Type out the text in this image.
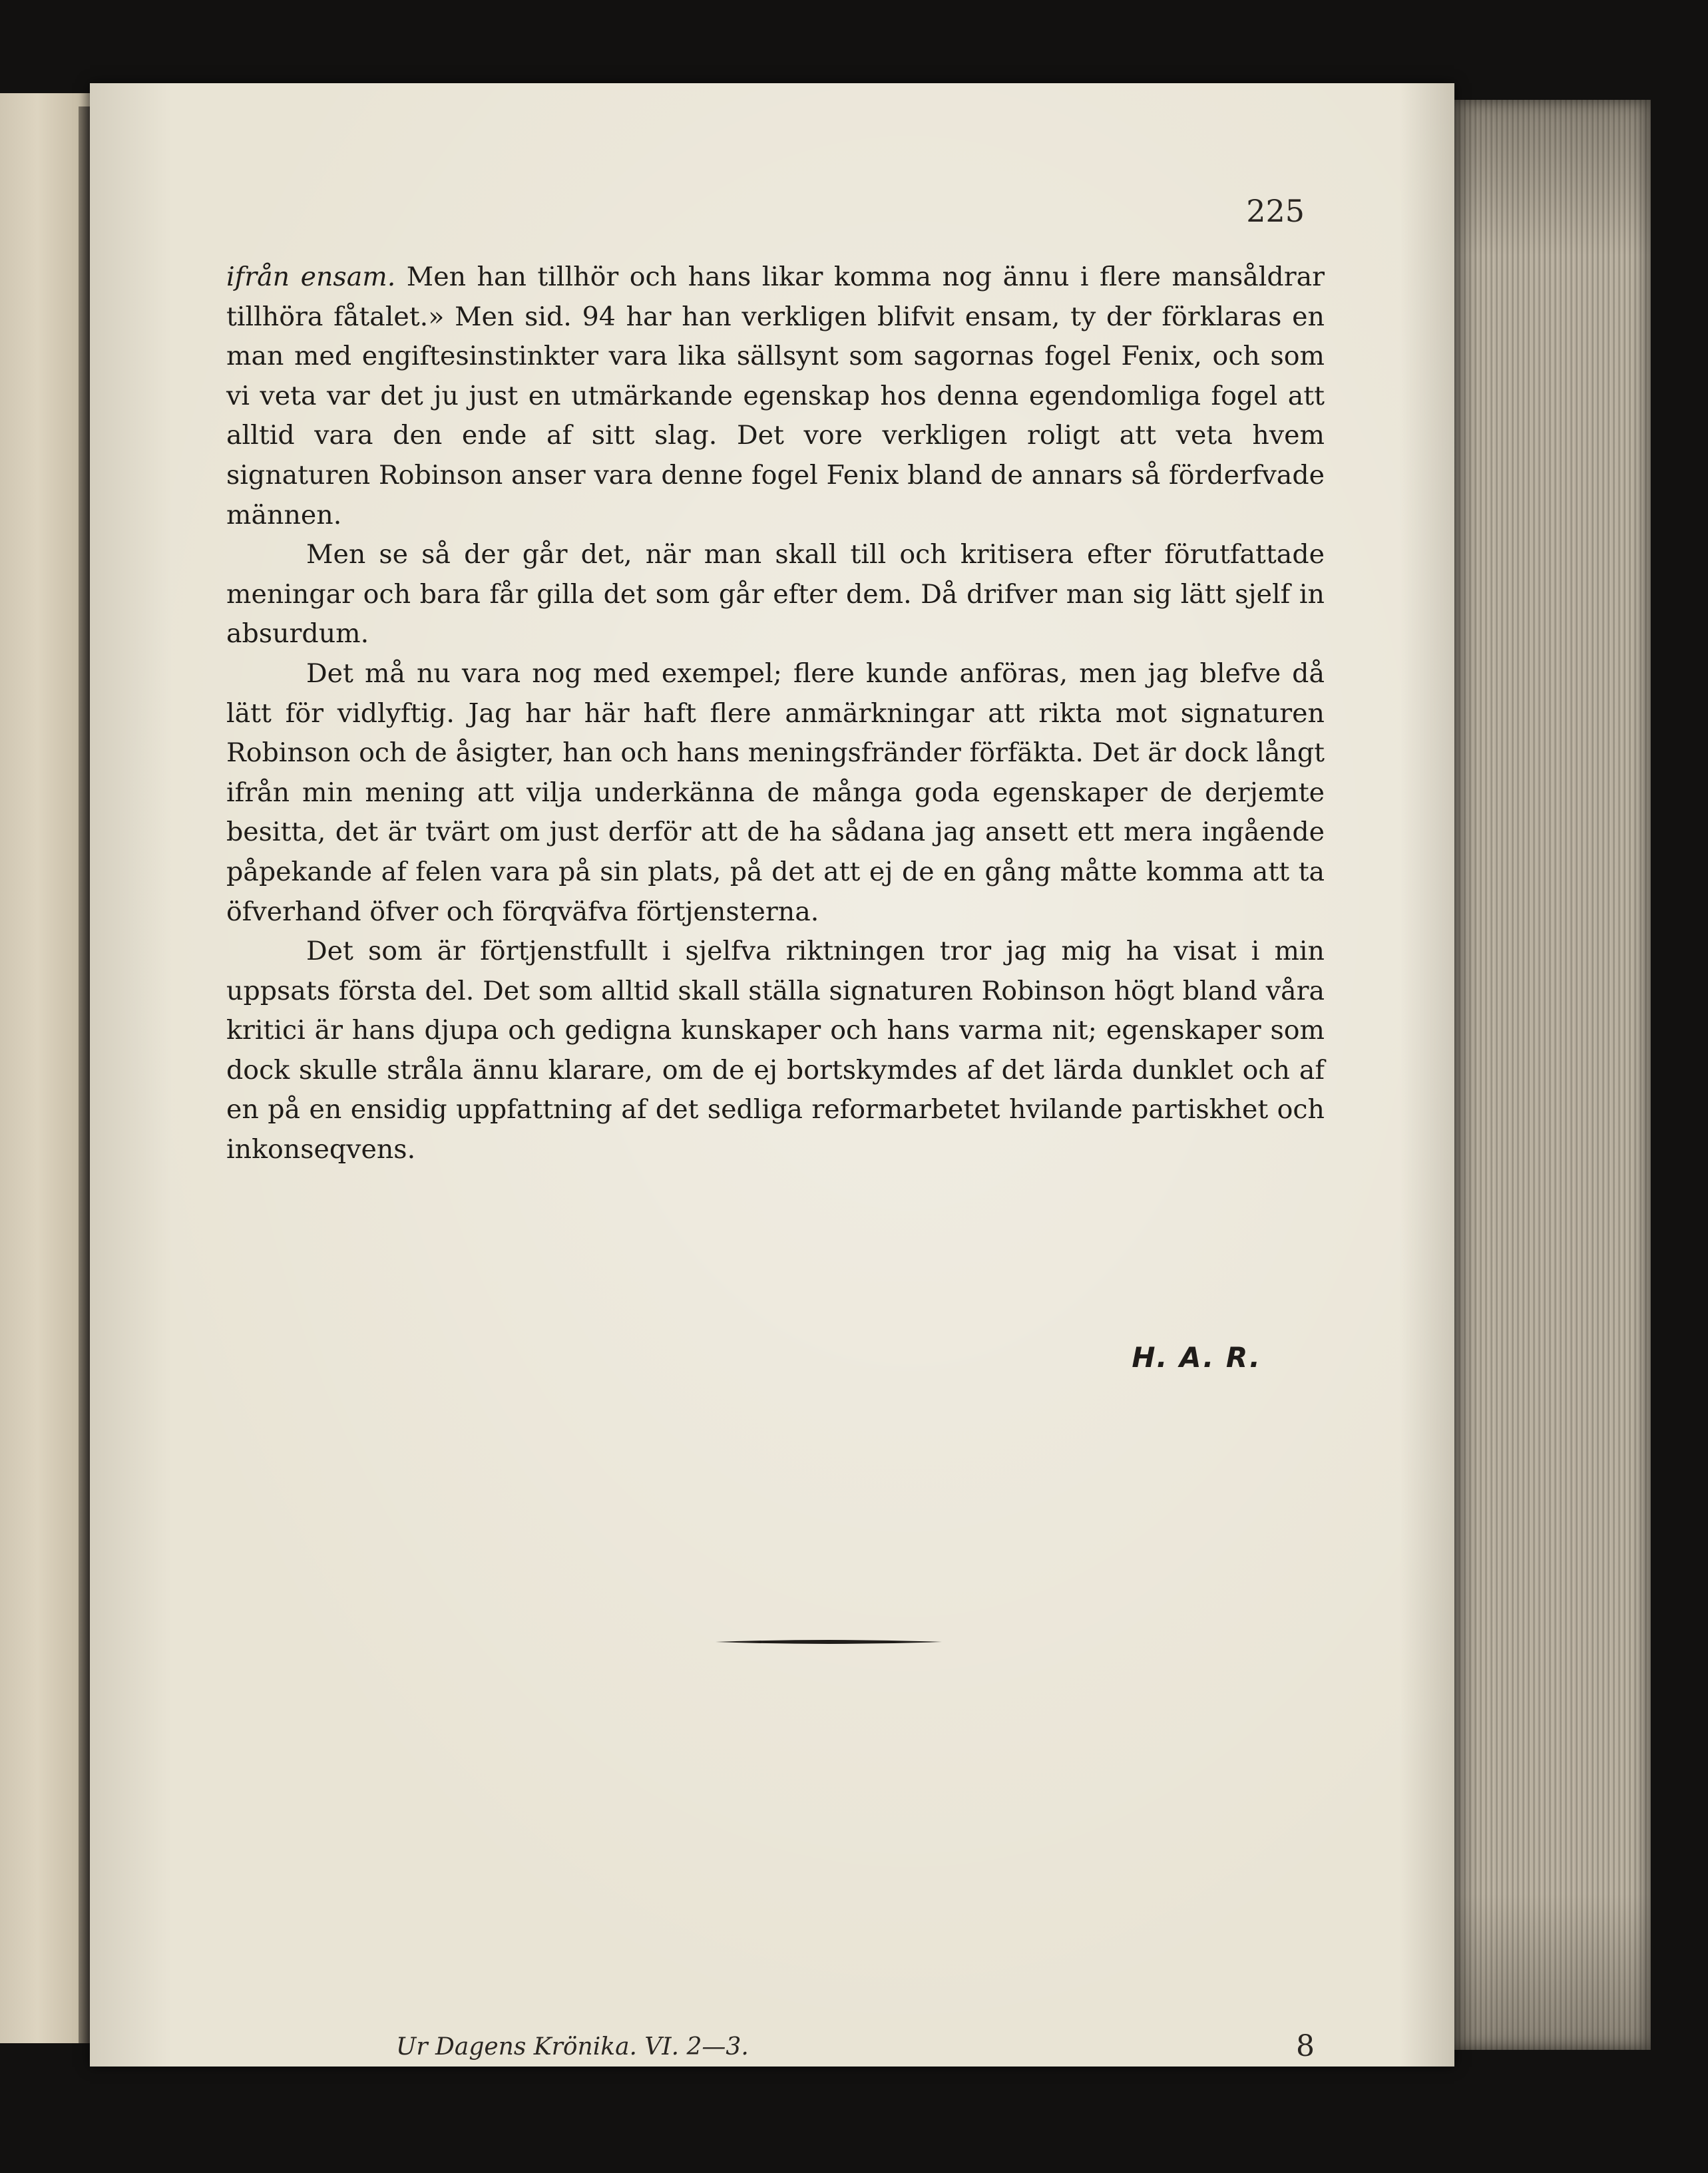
225

ifrån ensam. Men han tillhör och hans likar komma nog ännu i flere mansåldrar tillhöra fåtalet.» Men sid. 94 har han verkligen blifvit ensam, ty der förklaras en man med engiftesinstinkter vara lika sällsynt som sagornas fogel Fenix, och som vi veta var det ju just en utmärkande egenskap hos denna egendomliga fogel att alltid vara den ende af sitt slag. Det vore verkligen roligt att veta hvem signaturen Robinson anser vara denne fogel Fenix bland de annars så förderfvade männen.

Men se så der går det, när man skall till och kritisera efter förutfattade meningar och bara får gilla det som går efter dem. Då drifver man sig lätt sjelf in absurdum.

Det må nu vara nog med exempel; flere kunde anföras, men jag blefve då lätt för vidlyftig. Jag har här haft flere anmärkningar att rikta mot signaturen Robinson och de åsigter, han och hans meningsfränder förfäkta. Det är dock långt ifrån min mening att vilja underkänna de många goda egenskaper de derjemte besitta, det är tvärt om just derför att de ha sådana jag ansett ett mera ingående påpekande af felen vara på sin plats, på det att ej de en gång måtte komma att ta öfverhand öfver och förqväfva förtjensterna.

Det som är förtjenstfullt i sjelfva riktningen tror jag mig ha visat i min uppsats första del. Det som alltid skall ställa signaturen Robinson högt bland våra kritici är hans djupa och gedigna kunskaper och hans varma nit; egenskaper som dock skulle stråla ännu klarare, om de ej bortskymdes af det lärda dunklet och af en på en ensidig uppfattning af det sedliga reformarbetet hvilande partiskhet och inkonseqvens.

H. A. R.
Ur Dagens Krönika. VI. 2—3.	8
